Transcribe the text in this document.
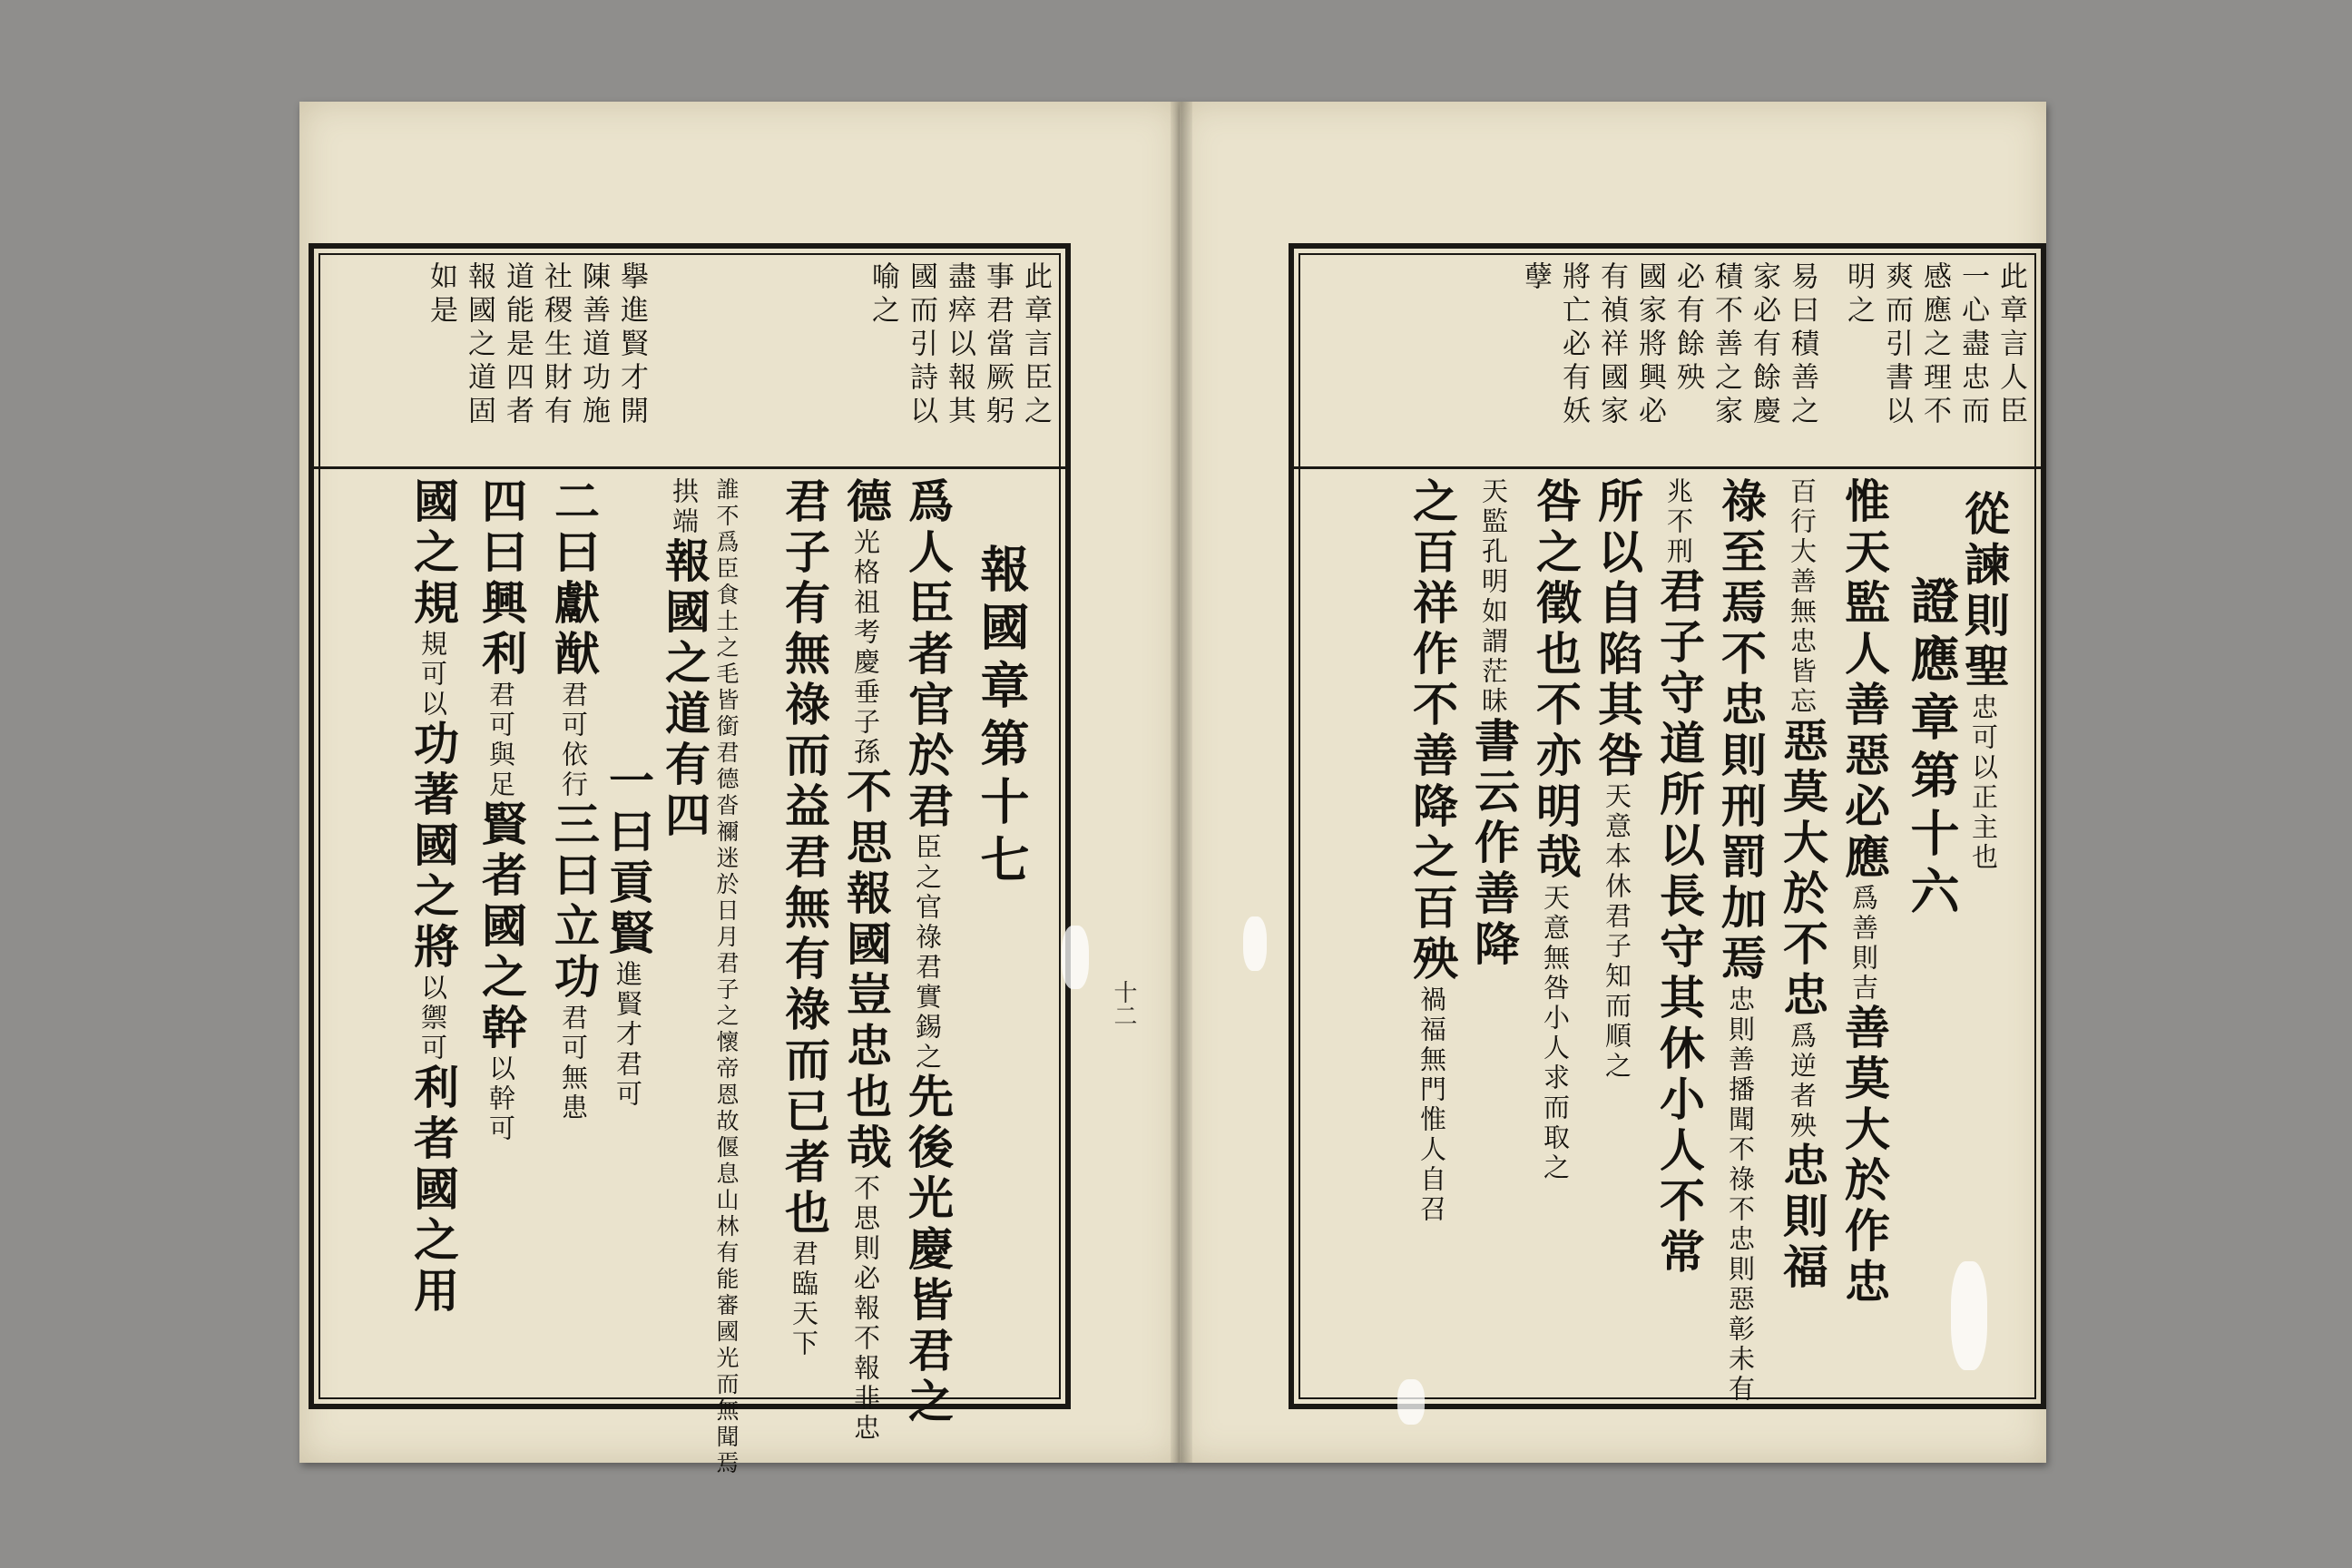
此章言臣之
事君當厥躬
盡瘁以報其
國而引詩以
喻之
擧進賢才開
陳善道功施
社稷生財有
道能是四者
報國之道固
如是
報國章第十七
爲人臣者官於君臣之官祿君實錫之先後光慶皆君之
德光格祖考慶垂子孫不思報國豈忠也哉不思則必報不報非忠
君子有無祿而益君無有祿而已者也君臨天下
誰不爲臣食土之毛皆銜君德沓禰迷於日月君子之懷帝恩故偃息山林有能審國光而無聞焉
拱端報國之道有四
一曰貢賢進賢才君可
二曰獻猷君可依行三曰立功君可無患
四曰興利君可與足賢者國之幹以幹可
國之規規可以功著國之將以禦可利者國之用
十二
此章言人臣
一心盡忠而
感應之理不
爽而引書以
明之
易曰積善之
家必有餘慶
積不善之家
必有餘殃
國家將興必
有禎祥國家
將亡必有妖
孽
證應章第十六
惟天監人善惡必應爲善則吉善莫大於作忠
百行大善無忠皆忘惡莫大於不忠爲逆者殃忠則福
祿至焉不忠則刑罰加焉忠則善播聞不祿不忠則惡彰未有
兆不刑君子守道所以長守其休小人不常
所以自陷其咎天意本休君子知而順之
咎之徵也不亦明哉天意無咎小人求而取之
天監孔明如謂茫昧書云作善降
之百祥作不善降之百殃禍福無門惟人自召
從諫則聖忠可以正主也
